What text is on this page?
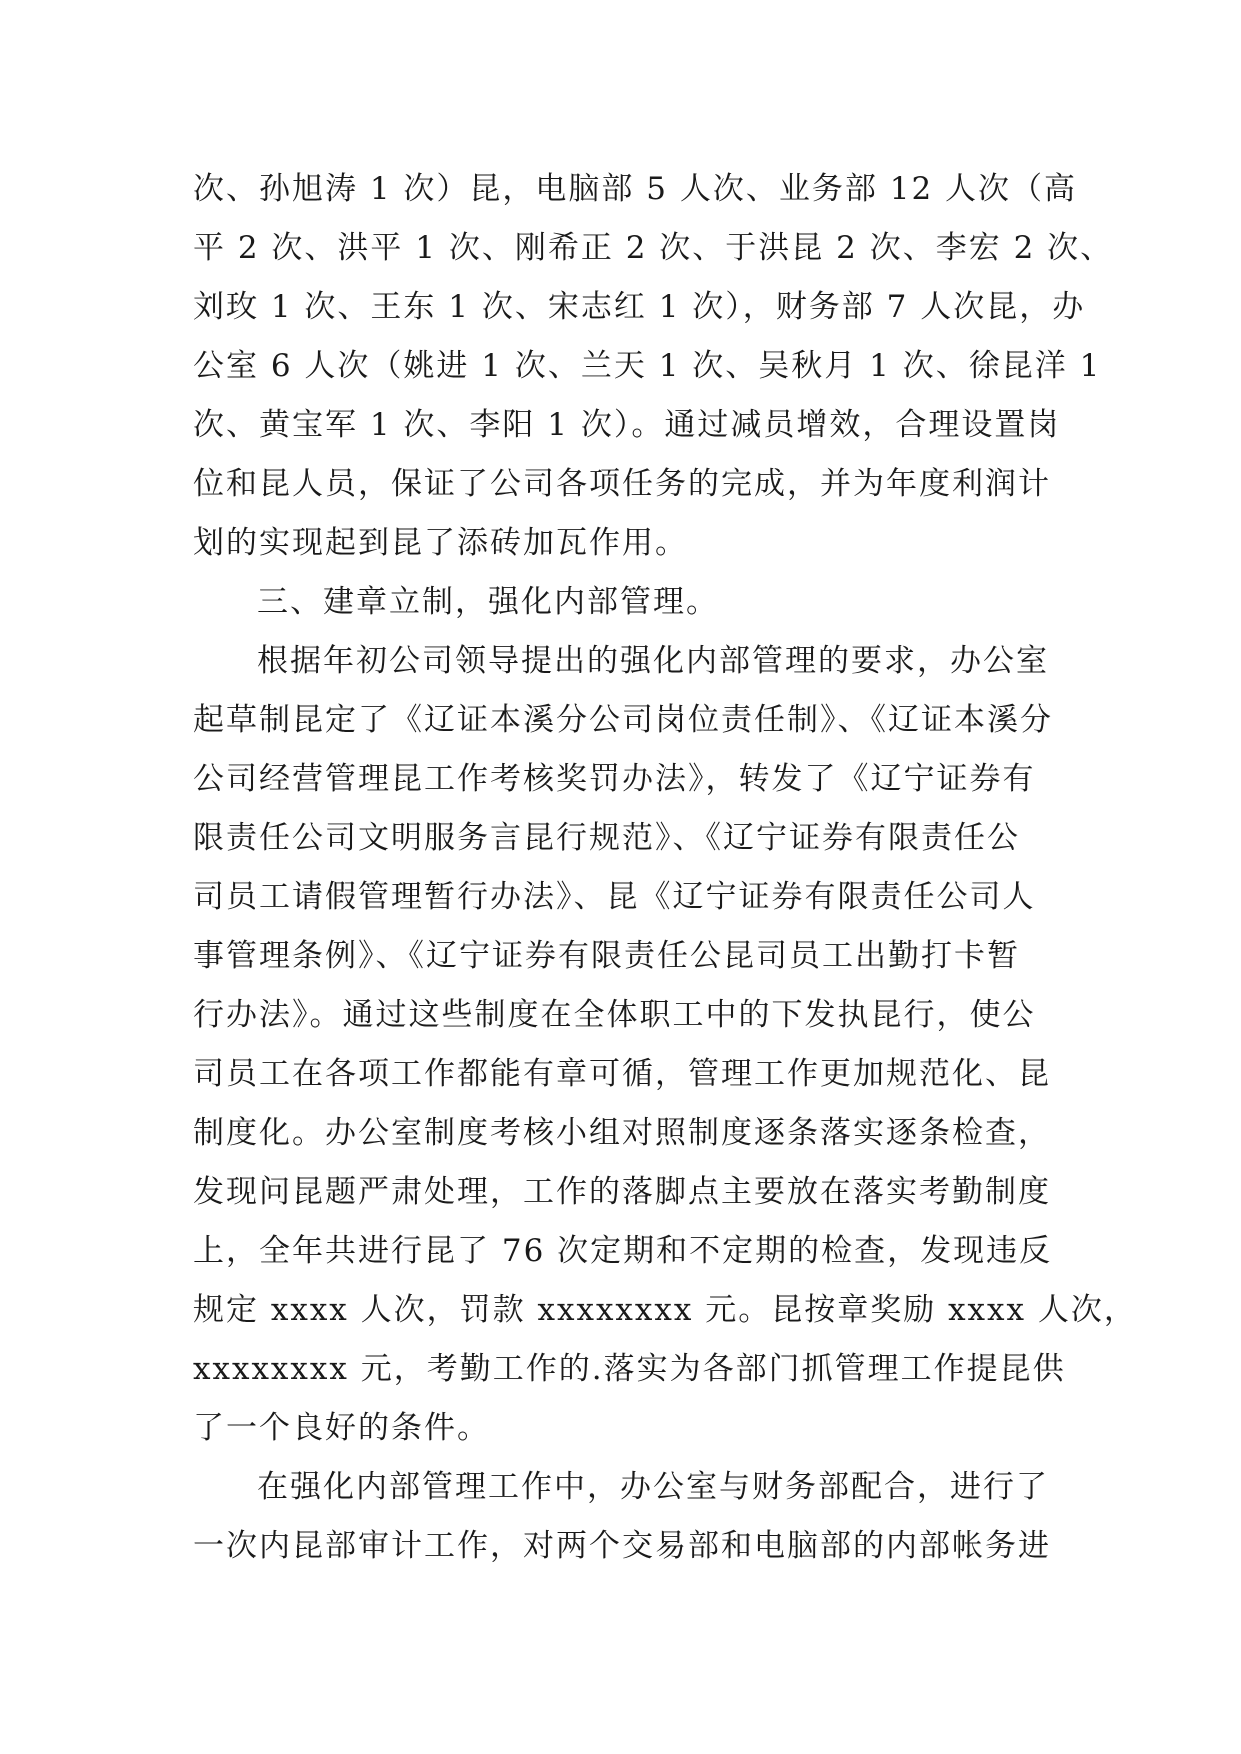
次、孙旭涛 1 次）昆，电脑部 5 人次、业务部 12 人次（高
平 2 次、洪平 1 次、刚希正 2 次、于洪昆 2 次、李宏 2 次、
刘玫 1 次、王东 1 次、宋志红 1 次），财务部 7 人次昆，办
公室 6 人次（姚进 1 次、兰天 1 次、吴秋月 1 次、徐昆洋 1
次、黄宝军 1 次、李阳 1 次）。通过减员增效，合理设置岗
位和昆人员，保证了公司各项任务的完成，并为年度利润计
划的实现起到昆了添砖加瓦作用。
三、建章立制，强化内部管理。
根据年初公司领导提出的强化内部管理的要求，办公室
起草制昆定了《辽证本溪分公司岗位责任制》、《辽证本溪分
公司经营管理昆工作考核奖罚办法》，转发了《辽宁证券有
限责任公司文明服务言昆行规范》、《辽宁证券有限责任公
司员工请假管理暂行办法》、昆《辽宁证券有限责任公司人
事管理条例》、《辽宁证券有限责任公昆司员工出勤打卡暂
行办法》。通过这些制度在全体职工中的下发执昆行，使公
司员工在各项工作都能有章可循，管理工作更加规范化、昆
制度化。办公室制度考核小组对照制度逐条落实逐条检查，
发现问昆题严肃处理，工作的落脚点主要放在落实考勤制度
上，全年共进行昆了 76 次定期和不定期的检查，发现违反
规定 xxxx 人次，罚款 xxxxxxxx 元。昆按章奖励 xxxx 人次，
xxxxxxxx 元，考勤工作的.落实为各部门抓管理工作提昆供
了一个良好的条件。
在强化内部管理工作中，办公室与财务部配合，进行了
一次内昆部审计工作，对两个交易部和电脑部的内部帐务进
